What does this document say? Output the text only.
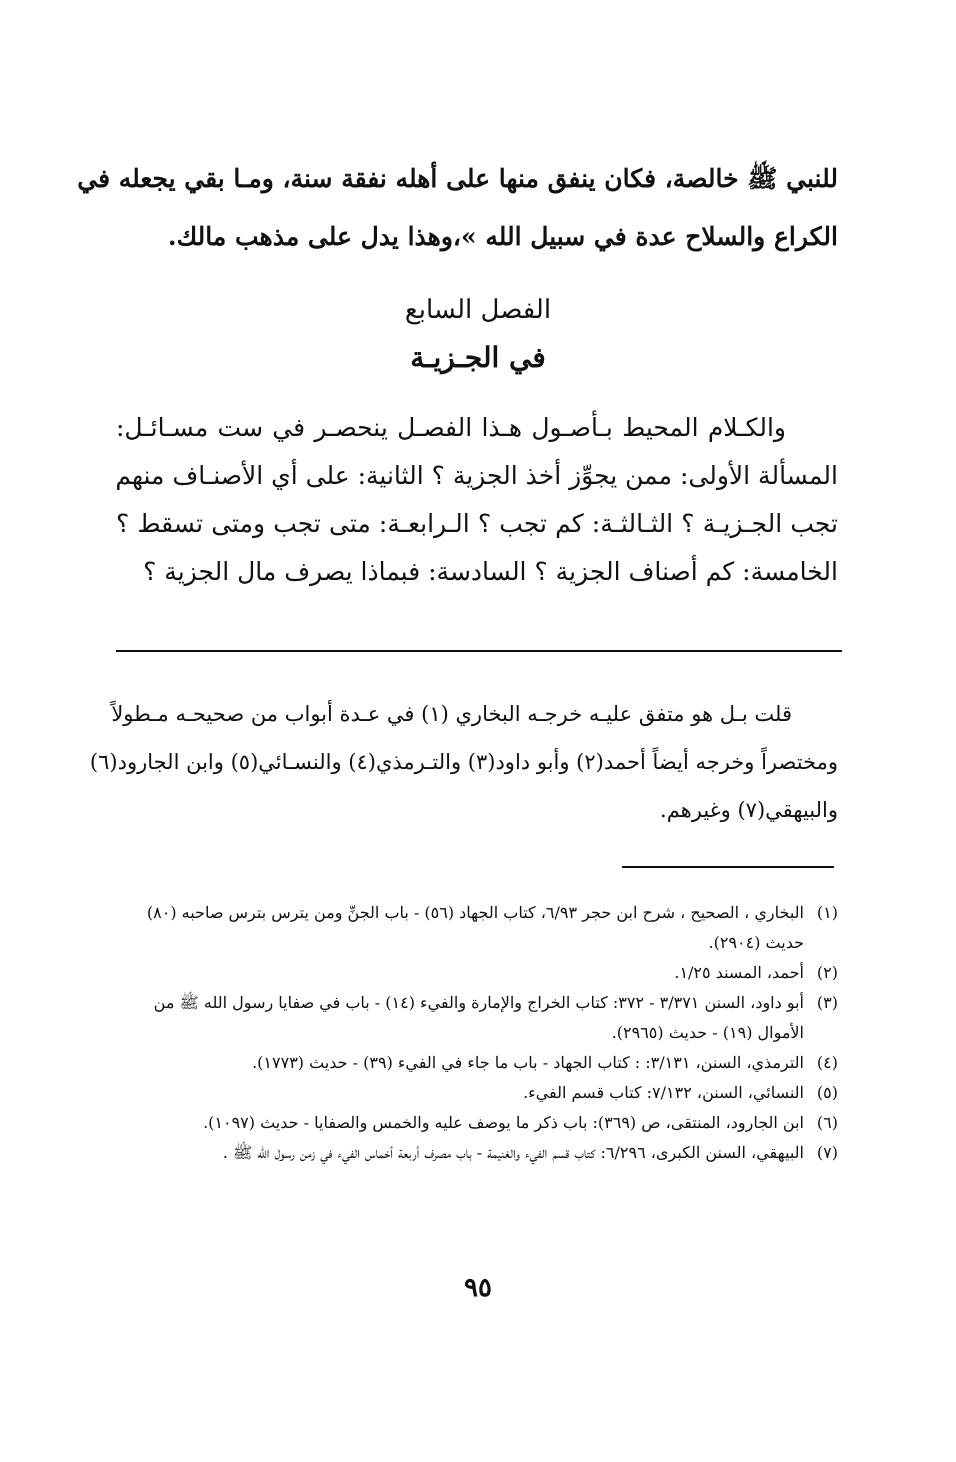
للنبي ﷺ خالصة، فكان ينفق منها على أهله نفقة سنة، ومـا بقي يجعله في
الكراع والسلاح عدة في سبيل الله »،وهذا يدل على مذهب مالك.
الفصل السابع
في الجـزيـة
والكـلام المحيط بـأصـول هـذا الفصـل ينحصـر في ست مسـائـل:
المسألة الأولى: ممن يجوِّز أخذ الجزية ؟ الثانية: على أي الأصنـاف منهم
تجب الجـزيـة ؟ الثـالثـة: كم تجب ؟ الـرابعـة: متى تجب ومتى تسقط ؟
الخامسة: كم أصناف الجزية ؟ السادسة: فبماذا يصرف مال الجزية ؟
قلت بـل هو متفق عليـه خرجـه البخاري (١) في عـدة أبواب من صحيحـه مـطولاً
ومختصراً وخرجه أيضاً أحمد(٢) وأبو داود(٣) والتـرمذي(٤) والنسـائي(٥) وابن الجارود(٦)
والبيهقي(٧) وغيرهم.
(١)
البخاري ، الصحيح ، شرح ابن حجر ٦/٩٣، كتاب الجهاد (٥٦) - باب الجنِّ ومن يترس بترس صاحبه (٨٠) حديث (٢٩٠٤).
(٢)
أحمد، المسند ١/٢٥.
(٣)
أبو داود، السنن ٣/٣٧١ - ٣٧٢: كتاب الخراج والإمارة والفيء (١٤) - باب في صفايا رسول الله ﷺ من الأموال (١٩) - حديث (٢٩٦٥).
(٤)
الترمذي، السنن، ٣/١٣١: : كتاب الجهاد - باب ما جاء في الفيء (٣٩) - حديث (١٧٧٣).
(٥)
النسائي، السنن، ٧/١٣٢: كتاب قسم الفيء.
(٦)
ابن الجارود، المنتقى، ص (٣٦٩): باب ذكر ما يوصف عليه والخمس والصفايا - حديث (١٠٩٧).
(٧)
البيهقي، السنن الكبرى، ٦/٢٩٦: كتاب قسم الفيء والغنيمة - باب مصرف أربعة أخماس الفيء في زمن رسول الله ﷺ .
٩٥
